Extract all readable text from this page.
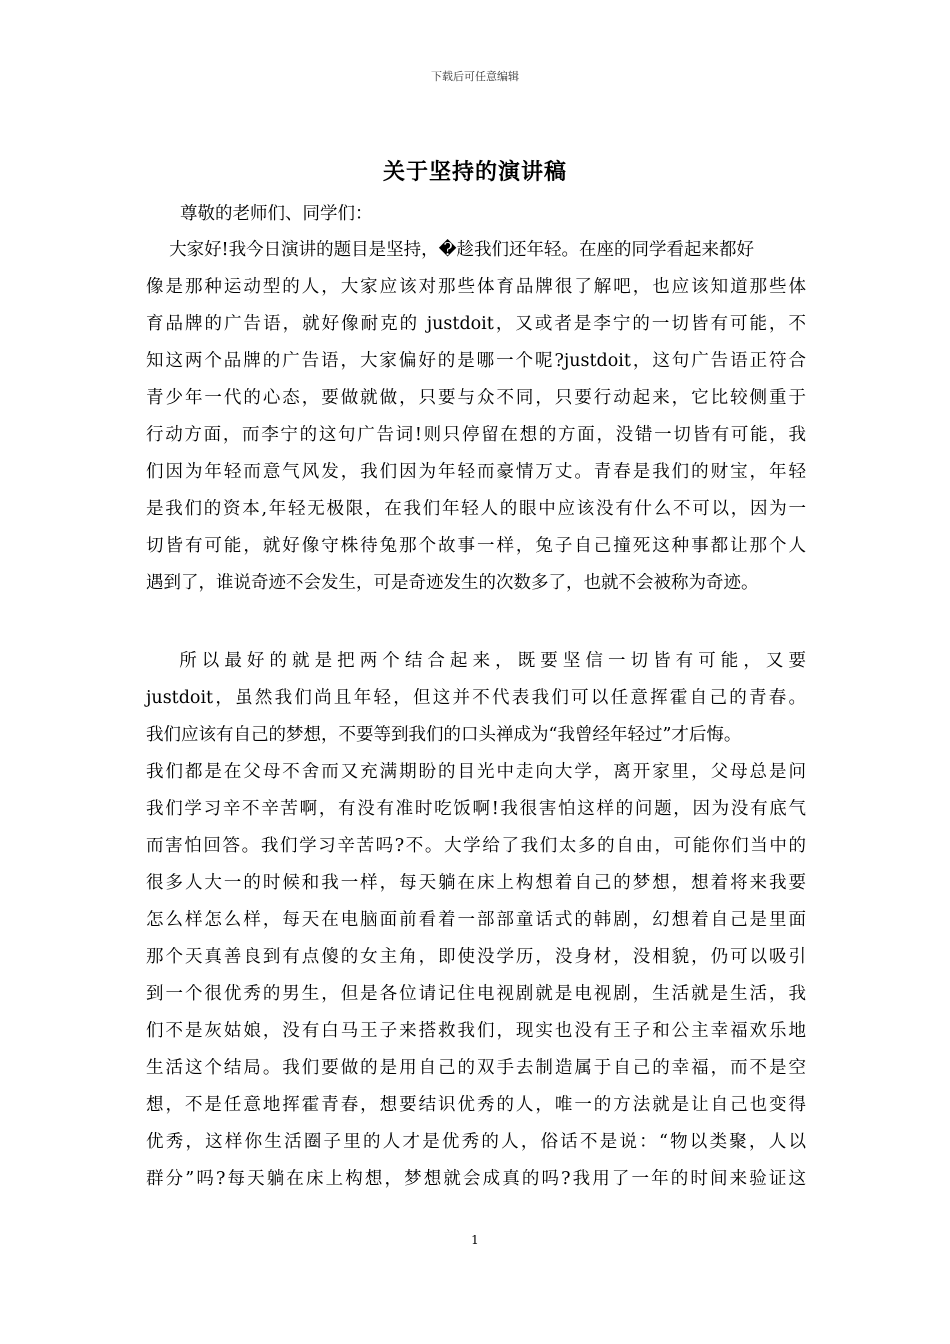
下载后可任意编辑
关于坚持的演讲稿
尊敬的老师们、同学们：
　 大家好!我今日演讲的题目是坚持，�趁我们还年轻。在座的同学看起来都好
像是那种运动型的人，大家应该对那些体育品牌很了解吧，也应该知道那些体
育品牌的广告语，就好像耐克的 justdoit，又或者是李宁的一切皆有可能，不
知这两个品牌的广告语，大家偏好的是哪一个呢?justdoit，这句广告语正符合
青少年一代的心态，要做就做，只要与众不同，只要行动起来，它比较侧重于
行动方面，而李宁的这句广告词!则只停留在想的方面，没错一切皆有可能，我
们因为年轻而意气风发，我们因为年轻而豪情万丈。青春是我们的财宝，年轻
是我们的资本,年轻无极限，在我们年轻人的眼中应该没有什么不可以，因为一
切皆有可能，就好像守株待兔那个故事一样，兔子自己撞死这种事都让那个人
遇到了，谁说奇迹不会发生，可是奇迹发生的次数多了，也就不会被称为奇迹。
　 所以最好的就是把两个结合起来，既要坚信一切皆有可能，又要
justdoit，虽然我们尚且年轻，但这并不代表我们可以任意挥霍自己的青春。
我们应该有自己的梦想，不要等到我们的口头禅成为“我曾经年轻过”才后悔。
我们都是在父母不舍而又充满期盼的目光中走向大学，离开家里，父母总是问
我们学习辛不辛苦啊，有没有准时吃饭啊!我很害怕这样的问题，因为没有底气
而害怕回答。我们学习辛苦吗?不。大学给了我们太多的自由，可能你们当中的
很多人大一的时候和我一样，每天躺在床上构想着自己的梦想，想着将来我要
怎么样怎么样，每天在电脑面前看着一部部童话式的韩剧，幻想着自己是里面
那个天真善良到有点傻的女主角，即使没学历，没身材，没相貌，仍可以吸引
到一个很优秀的男生，但是各位请记住电视剧就是电视剧，生活就是生活，我
们不是灰姑娘，没有白马王子来搭救我们，现实也没有王子和公主幸福欢乐地
生活这个结局。我们要做的是用自己的双手去制造属于自己的幸福，而不是空
想，不是任意地挥霍青春，想要结识优秀的人，唯一的方法就是让自己也变得
优秀，这样你生活圈子里的人才是优秀的人，俗话不是说：“物以类聚，人以
群分”吗?每天躺在床上构想，梦想就会成真的吗?我用了一年的时间来验证这
1
